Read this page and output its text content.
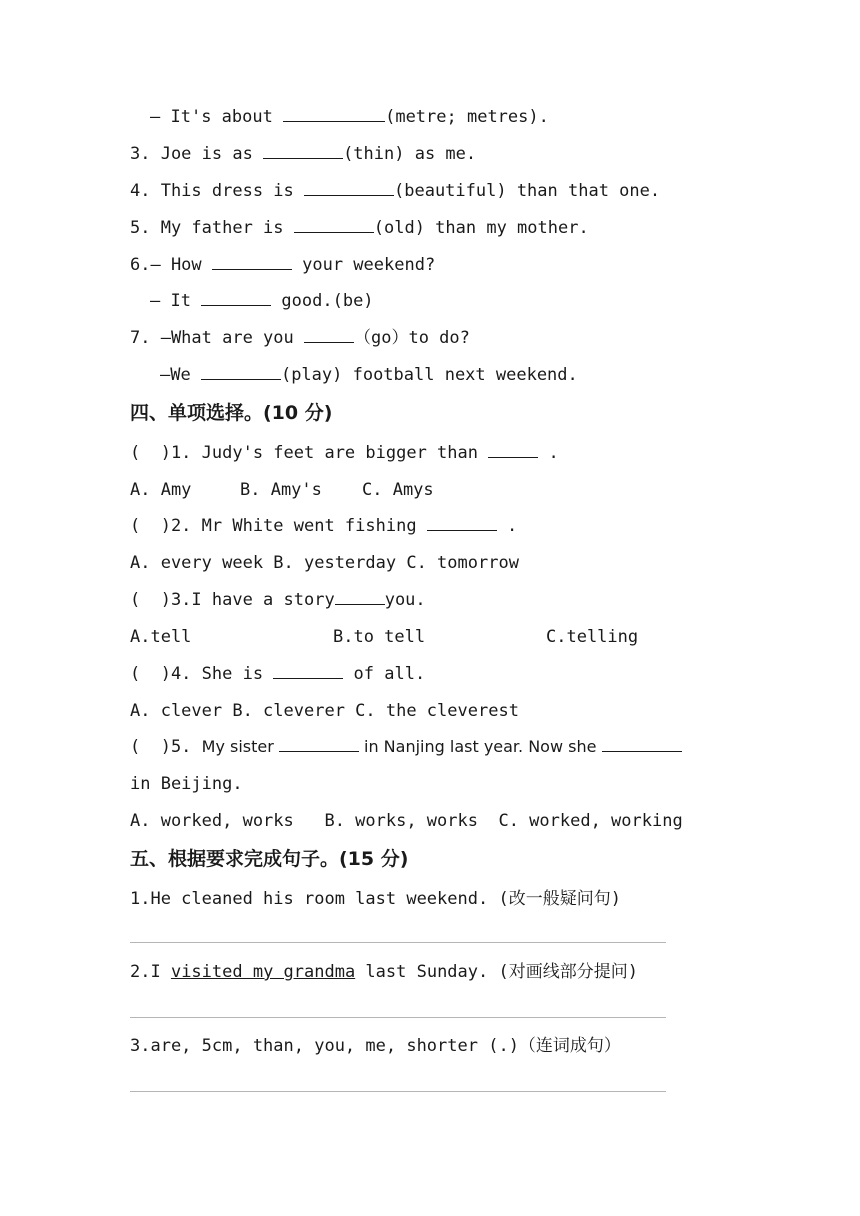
— It's about	(metre; metres).
3. Joe is as	(thin) as me.
4. This dress is	(beautiful) than that one.
5. My father is	(old) than my mother.
6.— How	your weekend?
— It	good.(be)
7. —What are you	（go）to do?
—We	(play) football next weekend.
四、单项选择。(10 分)
(  )1. Judy's feet are bigger than	.
A. Amy	B. Amy's C. Amys
(  )2. Mr White went fishing	.
A. every week B. yesterday C. tomorrow
(  )3.I have a story	you.
A.tell	B.to tell	C.telling
(  )4. She is	of all.
A. clever B. cleverer C. the cleverest
(  )5. My sister	in Nanjing last year. Now she
in Beijing.
A. worked, works   B. works, works  C. worked, working
五、根据要求完成句子。(15 分)
1.He cleaned his room last weekend. (改一般疑问句)
2.I visited my grandma last Sunday. (对画线部分提问)
3.are, 5cm, than, you, me, shorter (.)（连词成句）
